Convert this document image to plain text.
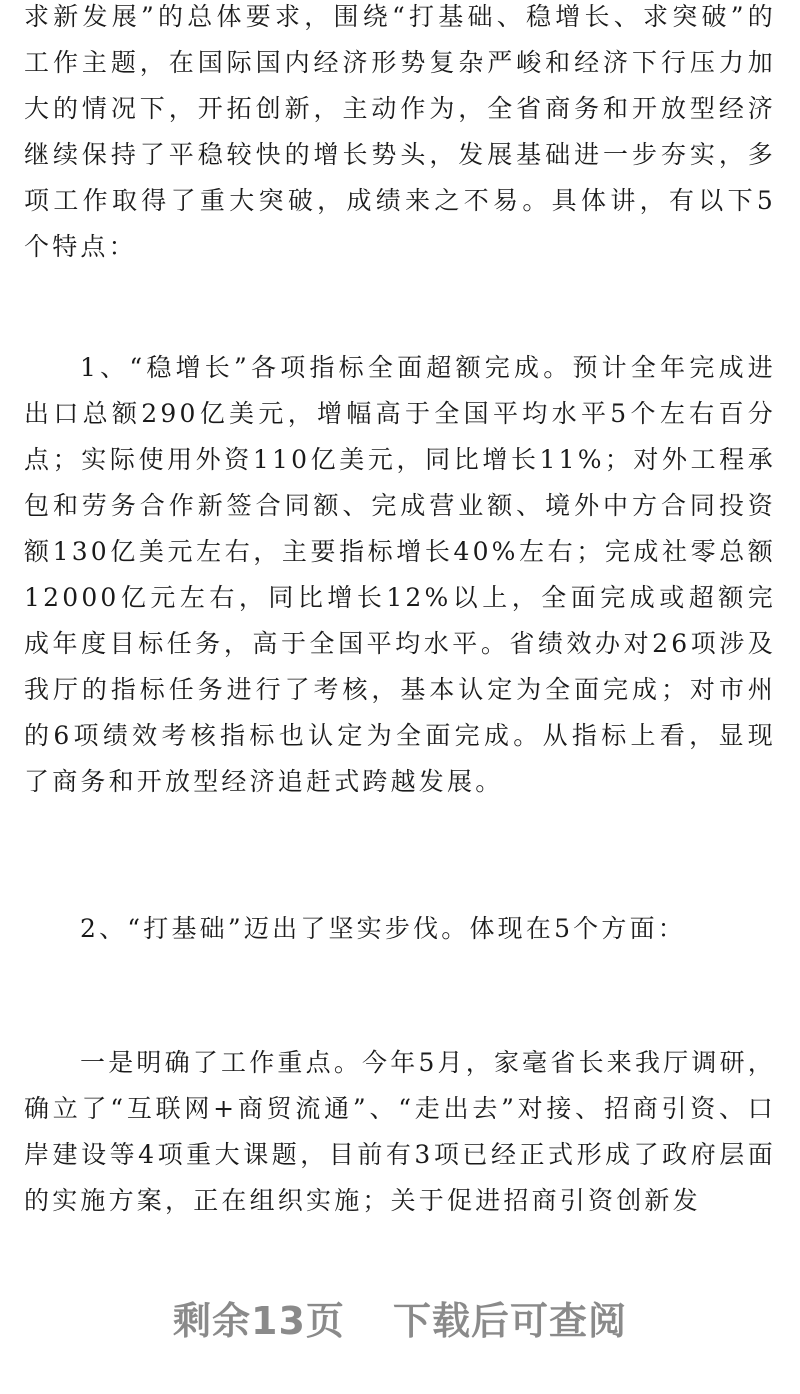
求新发展”的总体要求，围绕“打基础、稳增长、求突破”的工作主题，在国际国内经济形势复杂严峻和经济下行压力加大的情况下，开拓创新，主动作为，全省商务和开放型经济继续保持了平稳较快的增长势头，发展基础进一步夯实，多项工作取得了重大突破，成绩来之不易。具体讲，有以下5个特点：

1、“稳增长”各项指标全面超额完成。预计全年完成进出口总额290亿美元，增幅高于全国平均水平5个左右百分点；实际使用外资110亿美元，同比增长11%；对外工程承包和劳务合作新签合同额、完成营业额、境外中方合同投资额130亿美元左右，主要指标增长40%左右；完成社零总额12000亿元左右，同比增长12%以上，全面完成或超额完成年度目标任务，高于全国平均水平。省绩效办对26项涉及我厅的指标任务进行了考核，基本认定为全面完成；对市州的6项绩效考核指标也认定为全面完成。从指标上看，显现了商务和开放型经济追赶式跨越发展。

2、“打基础”迈出了坚实步伐。体现在5个方面：

一是明确了工作重点。今年5月，家毫省长来我厅调研，确立了“互联网+商贸流通”、“走出去”对接、招商引资、口岸建设等4项重大课题，目前有3项已经正式形成了政府层面的实施方案，正在组织实施；关于促进招商引资创新发

剩余13页 下载后可查阅
